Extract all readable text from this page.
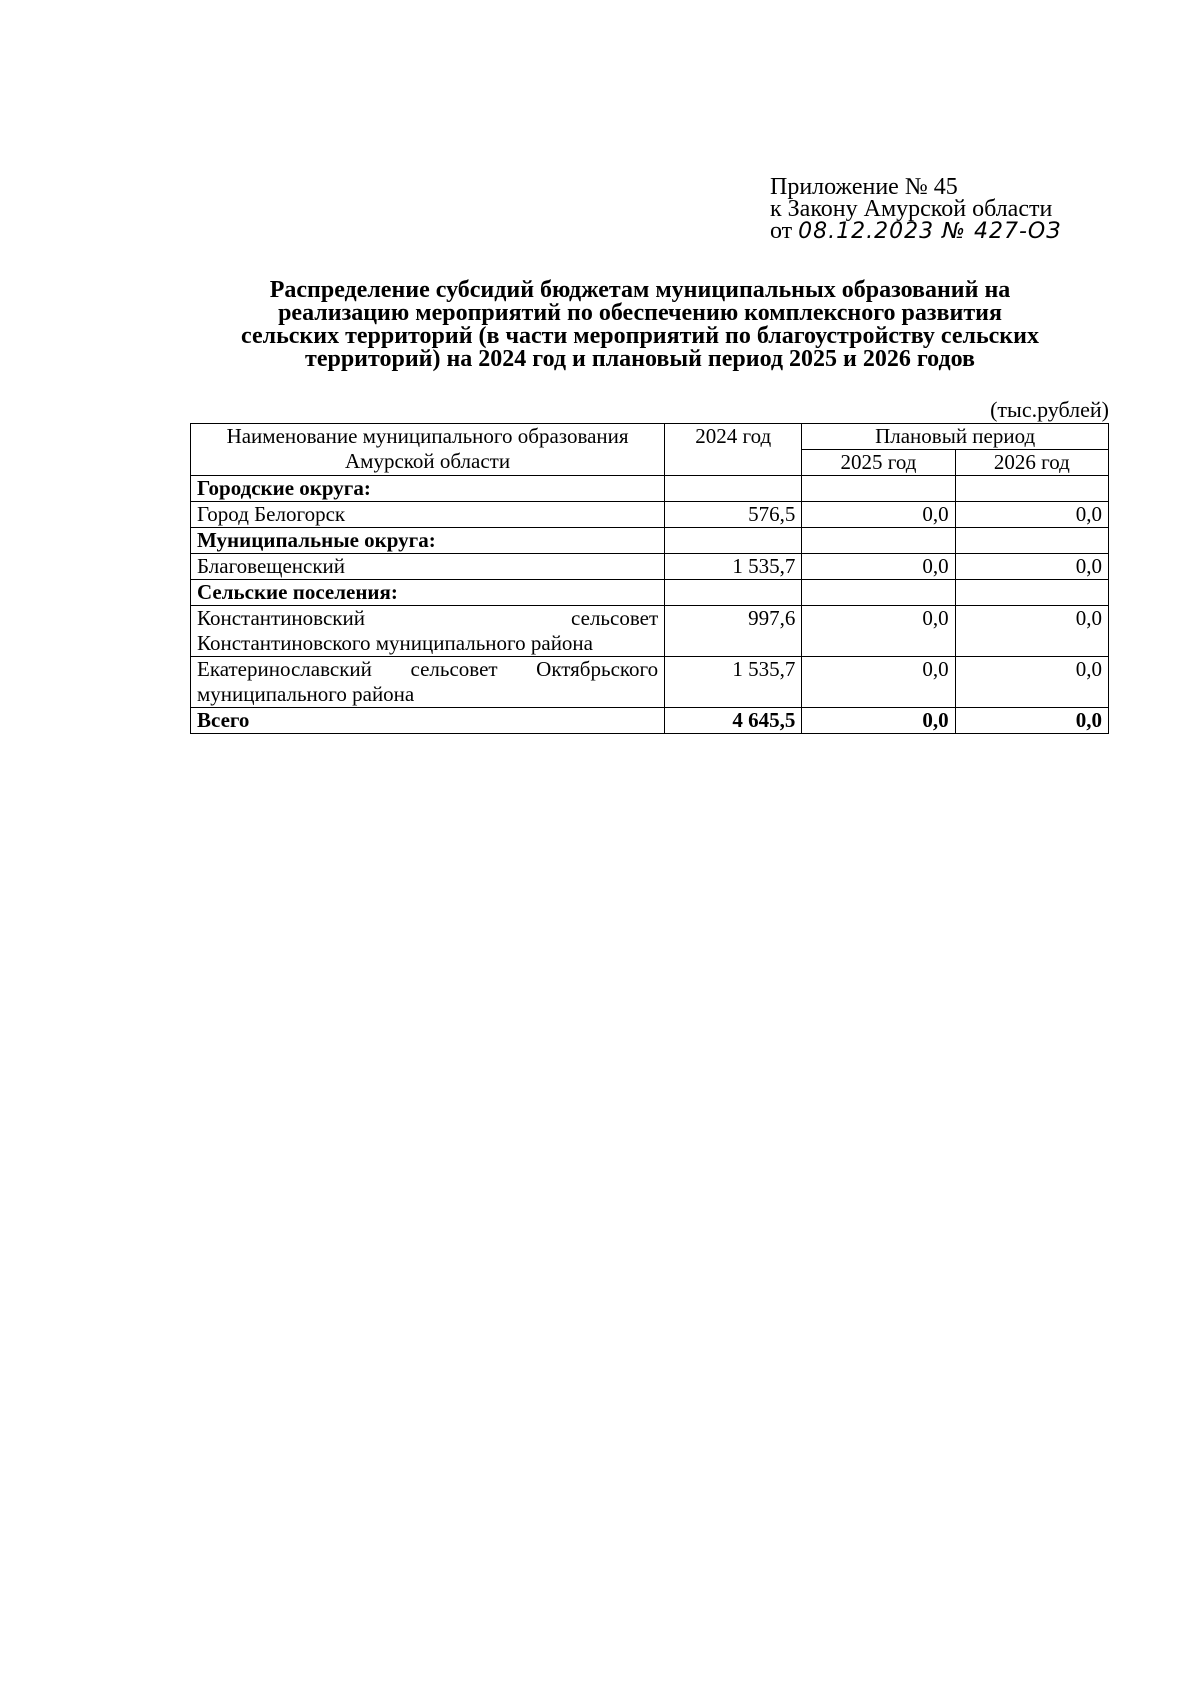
Приложение № 45
к Закону Амурской области
от 08.12.2023 № 427-ОЗ
Распределение субсидий бюджетам муниципальных образований на
реализацию мероприятий по обеспечению комплексного развития
сельских территорий (в части мероприятий по благоустройству сельских
территорий) на 2024 год и плановый период 2025 и 2026 годов
(тыс.рублей)
Наименование муниципального образования
Амурской области	2024 год	Плановый период	
		2025 год	2026 год
Городские округа:			
Город Белогорск	576,5	0,0	0,0
Муниципальные округа:			
Благовещенский	1 535,7	0,0	0,0
Сельские поселения:			

Константиновский сельсовет
Константиновского муниципального района	997,6	0,0	0,0

Екатеринославский сельсовет Октябрьского
муниципального района	1 535,7	0,0	0,0
Всего	4 645,5	0,0	0,0
